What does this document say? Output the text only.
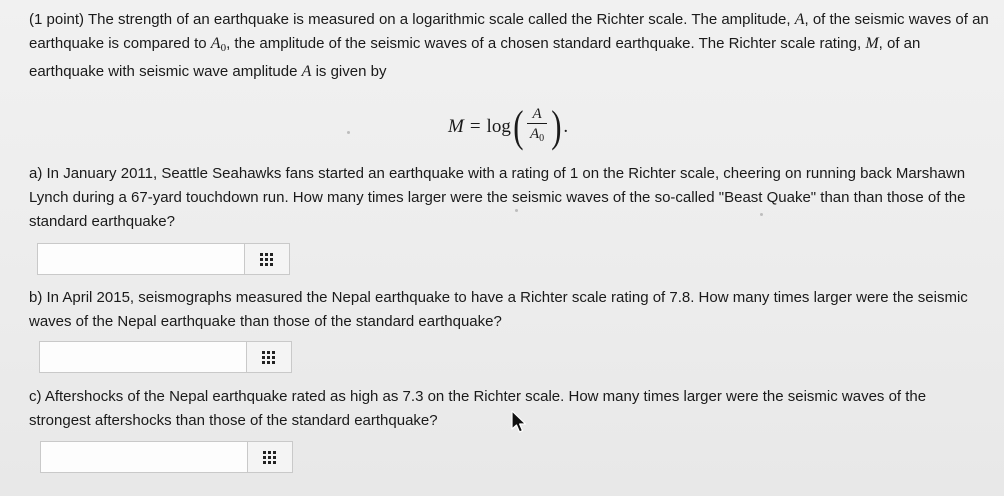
(1 point) The strength of an earthquake is measured on a logarithmic scale called the Richter scale. The amplitude, A, of the seismic waves of an earthquake is compared to $A_0$, the amplitude of the seismic waves of a chosen standard earthquake. The Richter scale rating, M, of an earthquake with seismic wave amplitude A is given by

M = log ( $\frac{A}{A_0}$ ) .

a) In January 2011, Seattle Seahawks fans started an earthquake with a rating of 1 on the Richter scale, cheering on running back Marshawn Lynch during a 67-yard touchdown run. How many times larger were the seismic waves of the so-called "Beast Quake" than than those of the standard earthquake?

b) In April 2015, seismographs measured the Nepal earthquake to have a Richter scale rating of 7.8. How many times larger were the seismic waves of the Nepal earthquake than those of the standard earthquake?

c) Aftershocks of the Nepal earthquake rated as high as 7.3 on the Richter scale. How many times larger were the seismic waves of the strongest aftershocks than those of the standard earthquake?
